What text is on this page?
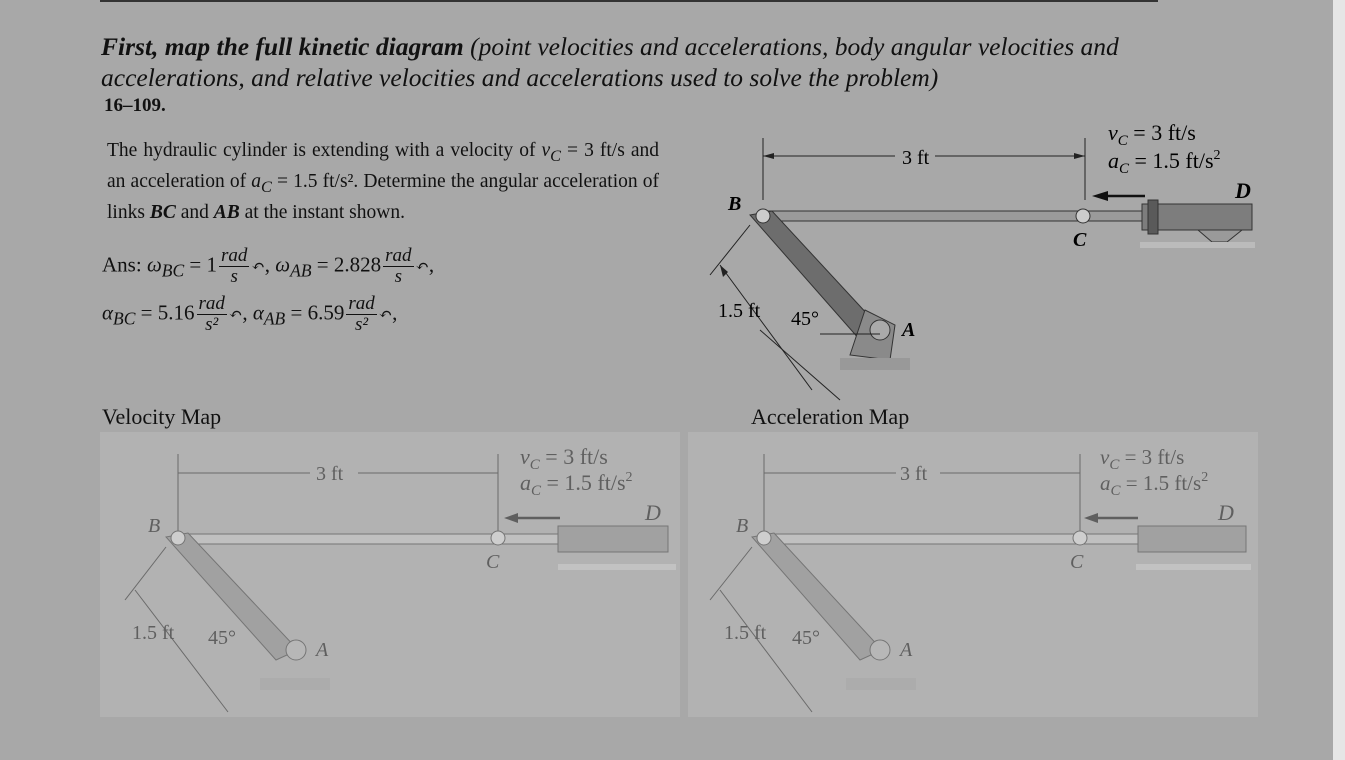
First, map the full kinetic diagram (point velocities and accelerations, body angular velocities and accelerations, and relative velocities and accelerations used to solve the problem)
16–109.
The hydraulic cylinder is extending with a velocity of $v_C = 3$ ft/s and an acceleration of $a_C = 1.5$ ft/s². Determine the angular acceleration of links BC and AB at the instant shown.
Ans: $\omega_{BC} = 1 \frac{\text{rad}}{s}$ ↶, $\omega_{AB} = 2.828 \frac{\text{rad}}{s}$ ↶,
$\alpha_{BC} = 5.16 \frac{\text{rad}}{\text{s²}}$ ↶, $\alpha_{AB} = 6.59 \frac{\text{rad}}{\text{s²}}$ ↶,
Velocity Map	Acceleration Map
3 ft
$v_C = 3$ ft/s
$a_C = 1.5$ $ft/s^2$
D
B
C
A
1.5 ft 45°
3 ft
$v_C = 3$ ft/s
$a_C = 1.5$ $ft/s^2$
D
B
C
A
1.5 ft 45°
3 ft
$v_C = 3$ ft/s
$a_C = 1.5$ $ft/s^2$
D
B
C
A
1.5 ft 45°
